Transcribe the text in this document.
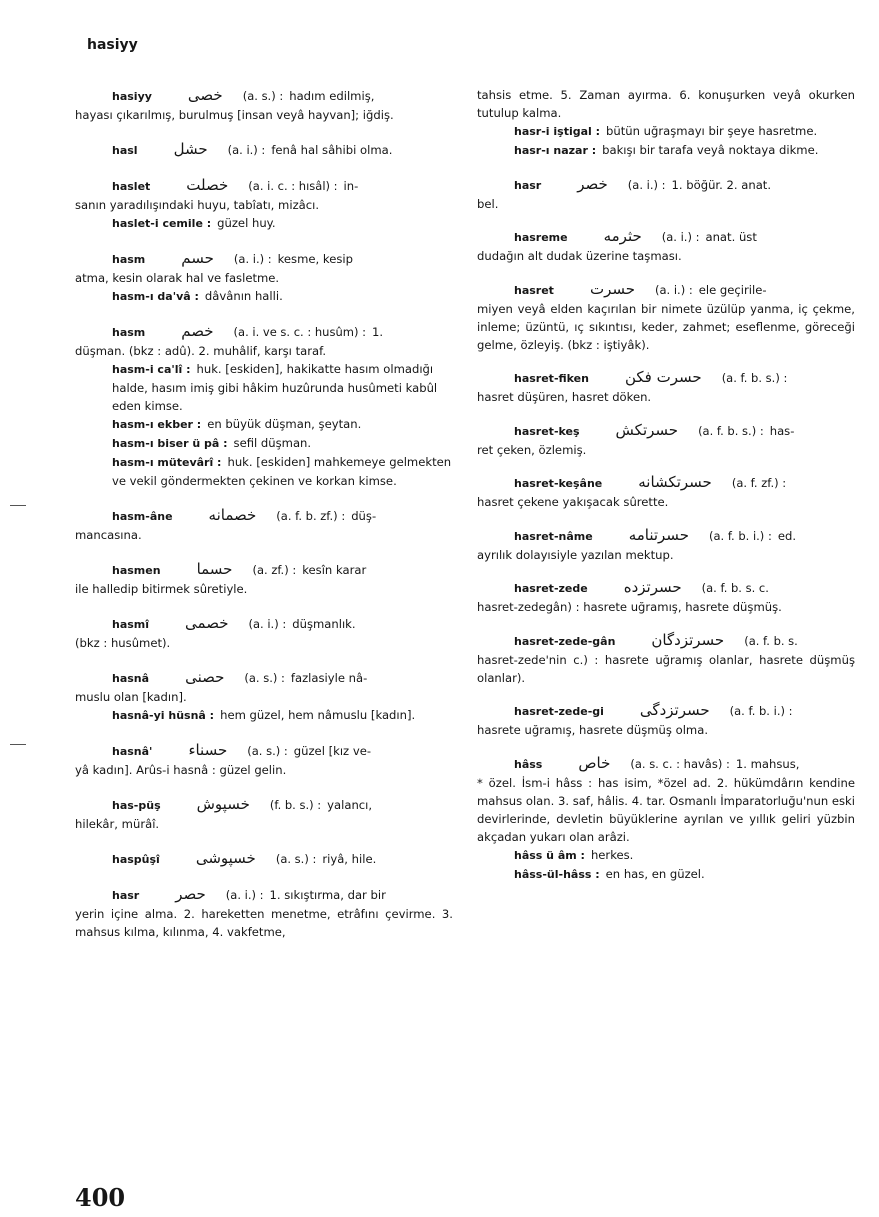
hasiyy
hasiyy خصی (a. s.) : hadım edilmiş,

hayası çıkarılmış, burulmuş [insan veyâ hayvan]; iğdiş.

hasl حشل (a. i.) : fenâ hal sâhibi olma.
haslet خصلت (a. i. c. : hısâl) : in-

sanın yaradılışındaki huyu, tabîatı, mizâcı.

haslet-i cemile : güzel huy.

hasm حسم (a. i.) : kesme, kesip

atma, kesin olarak hal ve fasletme.

hasm-ı da'vâ : dâvânın halli.

hasm خصم (a. i. ve s. c. : husûm) : 1.

düşman. (bkz : adû). 2. muhâlif, karşı taraf.

hasm-i ca'lî : huk. [eskiden], hakikatte hasım olmadığı halde, hasım imiş gibi hâkim huzûrunda husûmeti kabûl eden kimse.

hasm-ı ekber : en büyük düşman, şeytan.

hasm-ı biser ü pâ : sefil düşman.

hasm-ı mütevârî : huk. [eskiden] mahkemeye gelmekten ve vekil göndermekten çekinen ve korkan kimse.

hasm-âne خصمانه (a. f. b. zf.) : düş-

mancasına.

hasmen حسما (a. zf.) : kesîn karar

ile halledip bitirmek sûretiyle.

hasmî خصمی (a. i.) : düşmanlık.

(bkz : husûmet).

hasnâ حصنی (a. s.) : fazlasiyle nâ-

muslu olan [kadın].

hasnâ-yi hüsnâ : hem güzel, hem nâmuslu [kadın].

hasnâ' حسناء (a. s.) : güzel [kız ve-

yâ kadın]. Arûs-i hasnâ : güzel gelin.

has-püş خسپوش (f. b. s.) : yalancı,

hilekâr, mürâî.

haspûşî خسپوشی (a. s.) : riyâ, hile.
hasr حصر (a. i.) : 1. sıkıştırma, dar bir

yerin içine alma. 2. hareketten menetme, etrâfını çevirme. 3. mahsus kılma, kılınma, 4. vakfetme,

tahsis etme. 5. Zaman ayırma. 6. konuşurken veyâ okurken tutulup kalma.

hasr-i iştigal : bütün uğraşmayı bir şeye hasretme.

hasr-ı nazar : bakışı bir tarafa veyâ noktaya dikme.

hasr خصر (a. i.) : 1. böğür. 2. anat.

bel.

hasreme حثرمه (a. i.) : anat. üst

dudağın alt dudak üzerine taşması.

hasret حسرت (a. i.) : ele geçirile-

miyen veyâ elden kaçırılan bir nimete üzülüp yanma, iç çekme, inleme; üzüntü, ıç sıkıntısı, keder, zahmet; eseflenme, göreceği gelme, özleyiş. (bkz : iştiyâk).

hasret-fiken حسرت فکن (a. f. b. s.) :

hasret düşüren, hasret döken.

hasret-keş حسرتکش (a. f. b. s.) : has-

ret çeken, özlemiş.

hasret-keşâne حسرتکشانه (a. f. zf.) :

hasret çekene yakışacak sûrette.

hasret-nâme حسرتنامه (a. f. b. i.) : ed.

ayrılık dolayısiyle yazılan mektup.

hasret-zede حسرتزده (a. f. b. s. c.

hasret-zedegân) : hasrete uğramış, hasrete düşmüş.

hasret-zede-gân حسرتزدگان (a. f. b. s.

hasret-zede'nin c.) : hasrete uğramış olanlar, hasrete düşmüş olanlar).

hasret-zede-gi حسرتزدگی (a. f. b. i.) :

hasrete uğramış, hasrete düşmüş olma.

hâss خاص (a. s. c. : havâs) : 1. mahsus,

* özel. İsm-i hâss : has isim, *özel ad. 2. hükümdârın kendine mahsus olan. 3. saf, hâlis. 4. tar. Osmanlı İmparatorluğu'nun eski devirlerinde, devletin büyüklerine ayrılan ve yıllık geliri yüzbin akçadan yukarı olan arâzi.

hâss ü âm : herkes.

hâss-ül-hâss : en has, en güzel.

400
